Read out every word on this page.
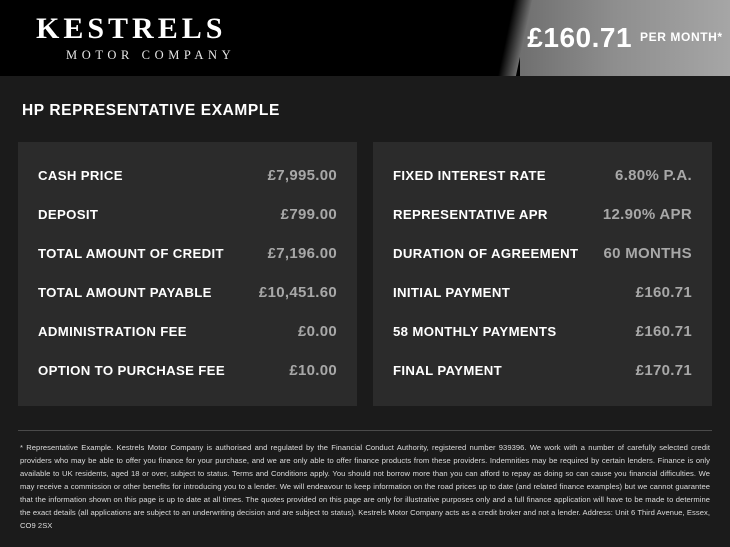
KESTRELS
MOTOR COMPANY
£160.71 PER MONTH*
HP REPRESENTATIVE EXAMPLE
CASH PRICE	£7,995.00
DEPOSIT	£799.00
TOTAL AMOUNT OF CREDIT	£7,196.00
TOTAL AMOUNT PAYABLE	£10,451.60
ADMINISTRATION FEE	£0.00
OPTION TO PURCHASE FEE	£10.00
FIXED INTEREST RATE	6.80% P.A.
REPRESENTATIVE APR	12.90% APR
DURATION OF AGREEMENT 60 MONTHS
INITIAL PAYMENT	£160.71
58 MONTHLY PAYMENTS	£160.71
FINAL PAYMENT	£170.71
* Representative Example. Kestrels Motor Company is authorised and regulated by the Financial Conduct Authority, registered number 939396. We work with a number of carefully selected credit providers who may be able to offer you finance for your purchase, and we are only able to offer finance products from these providers. Indemnities may be required by certain lenders. Finance is only available to UK residents, aged 18 or over, subject to status. Terms and Conditions apply. You should not borrow more than you can afford to repay as doing so can cause you financial difficulties. We may receive a commission or other benefits for introducing you to a lender. We will endeavour to keep information on the road prices up to date (and related finance examples) but we cannot guarantee that the information shown on this page is up to date at all times. The quotes provided on this page are only for illustrative purposes only and a full finance application will have to be made to determine the exact details (all applications are subject to an underwriting decision and are subject to status). Kestrels Motor Company acts as a credit broker and not a lender. Address: Unit 6 Third Avenue, Essex, CO9 2SX
